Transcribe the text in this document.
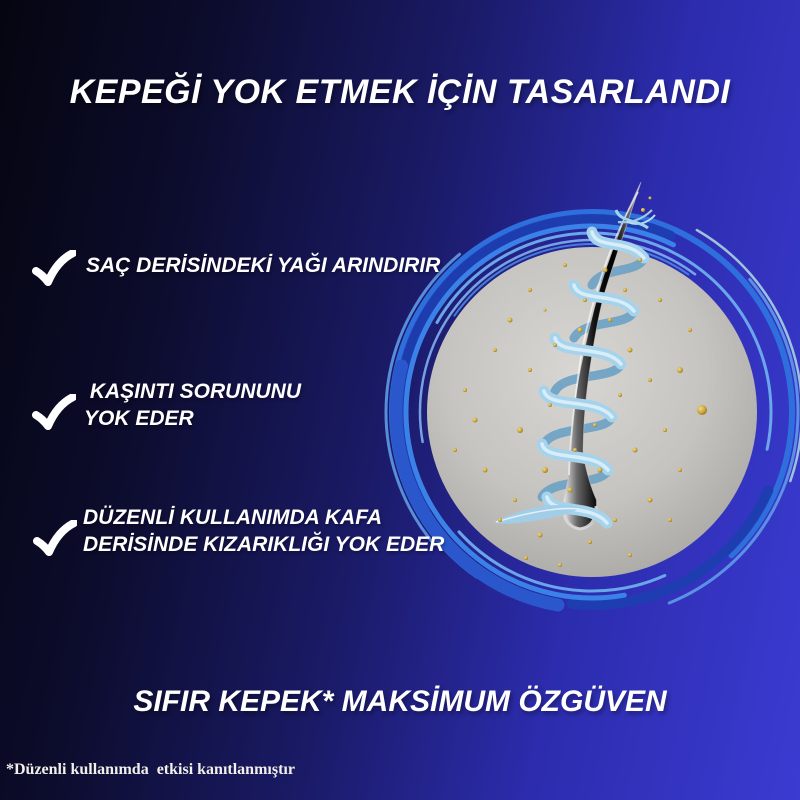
KEPEĞİ YOK ETMEK İÇİN TASARLANDI
SAÇ DERİSİNDEKİ YAĞI ARINDIRIR
KAŞINTI SORUNUNU
YOK EDER
DÜZENLİ KULLANIMDA KAFA
DERİSİNDE KIZARIKLIĞI YOK EDER
SIFIR KEPEK* MAKSİMUM ÖZGÜVEN
*Düzenli kullanımda  etkisi kanıtlanmıştır
